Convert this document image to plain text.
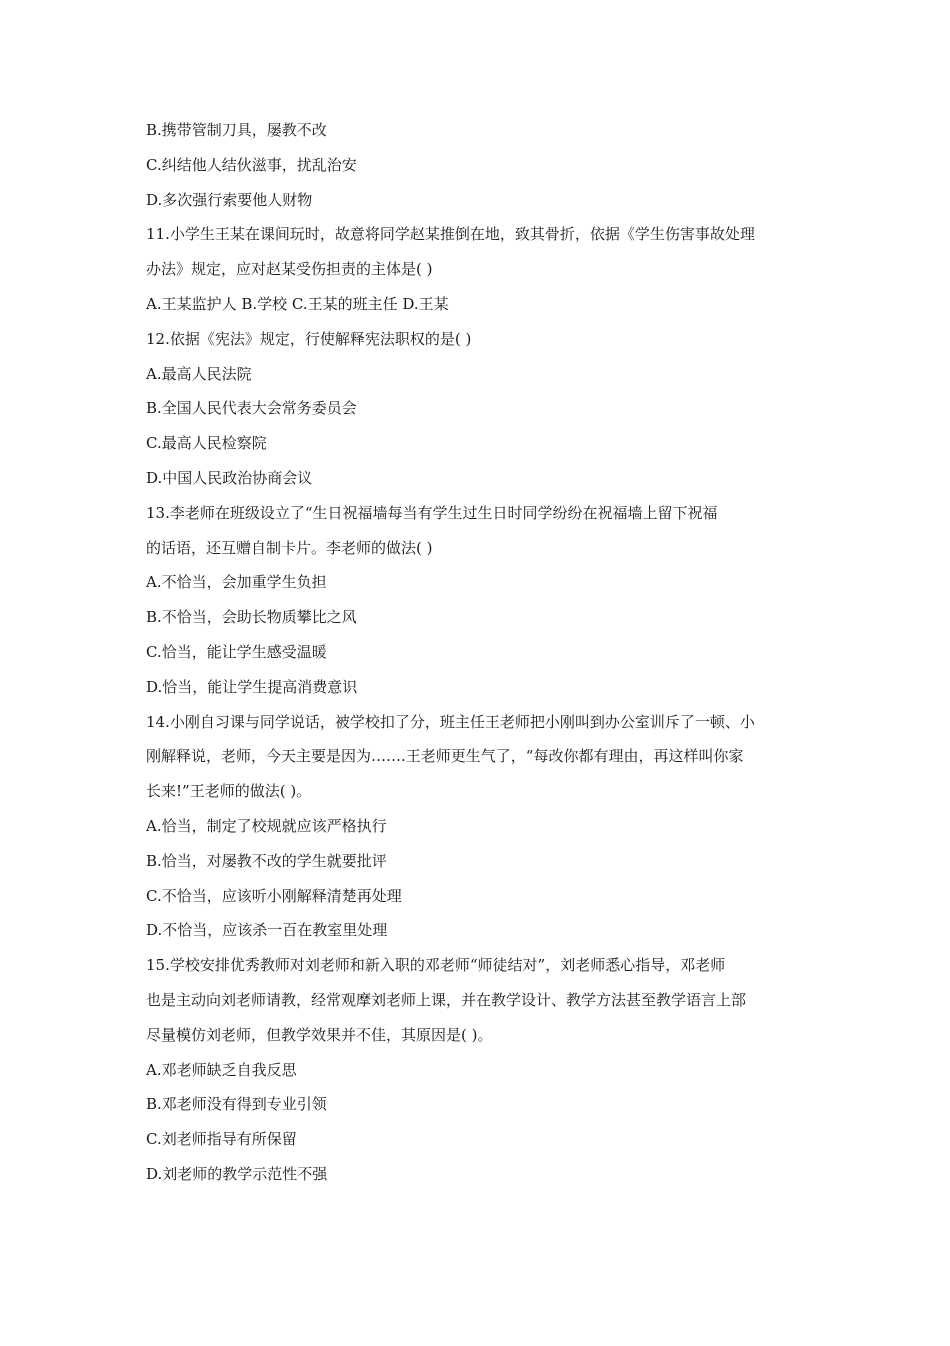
B.携带管制刀具，屡教不改
C.纠结他人结伙滋事，扰乱治安
D.多次强行索要他人财物
11.小学生王某在课间玩时，故意将同学赵某推倒在地，致其骨折，依据《学生伤害事故处理
办法》规定，应对赵某受伤担责的主体是( )
A.王某监护人 B.学校 C.王某的班主任 D.王某
12.依据《宪法》规定，行使解释宪法职权的是( )
A.最高人民法院
B.全国人民代表大会常务委员会
C.最高人民检察院
D.中国人民政治协商会议
13.李老师在班级设立了“生日祝福墙每当有学生过生日时同学纷纷在祝福墙上留下祝福
的话语，还互赠自制卡片。李老师的做法( )
A.不恰当，会加重学生负担
B.不恰当，会助长物质攀比之风
C.恰当，能让学生感受温暖
D.恰当，能让学生提高消费意识
14.小刚自习课与同学说话，被学校扣了分，班主任王老师把小刚叫到办公室训斥了一顿、小
刚解释说，老师，今天主要是因为…….王老师更生气了，“每改你都有理由，再这样叫你家
长来!”王老师的做法( )。
A.恰当，制定了校规就应该严格执行
B.恰当，对屡教不改的学生就要批评
C.不恰当，应该听小刚解释清楚再处理
D.不恰当，应该杀一百在教室里处理
15.学校安排优秀教师对刘老师和新入职的邓老师“师徒结对”，刘老师悉心指导，邓老师
也是主动向刘老师请教，经常观摩刘老师上课，并在教学设计、教学方法甚至教学语言上部
尽量模仿刘老师，但教学效果并不佳，其原因是( )。
A.邓老师缺乏自我反思
B.邓老师没有得到专业引领
C.刘老师指导有所保留
D.刘老师的教学示范性不强
